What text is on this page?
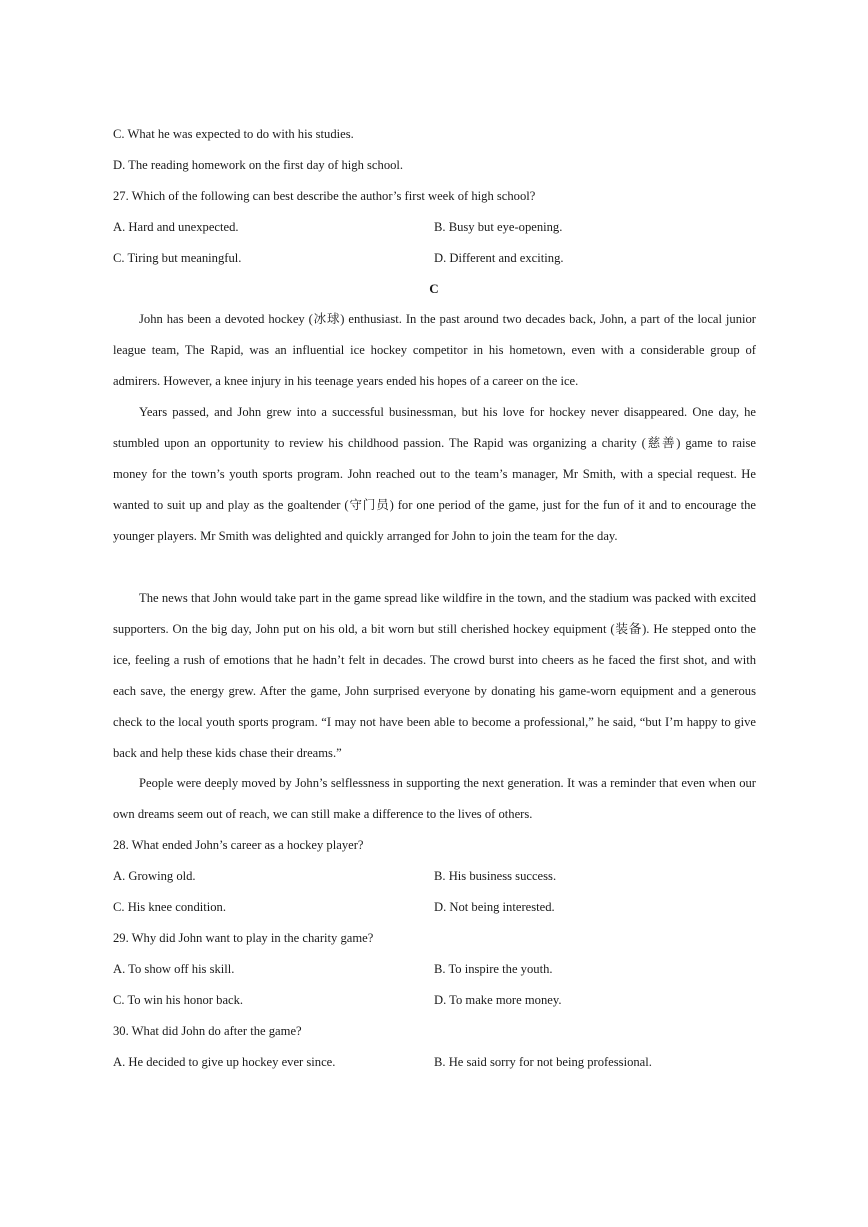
C. What he was expected to do with his studies.
D. The reading homework on the first day of high school.
27. Which of the following can best describe the author’s first week of high school?
A. Hard and unexpected.	B. Busy but eye-opening.
C. Tiring but meaningful.	D. Different and exciting.
C

John has been a devoted hockey (冰球) enthusiast. In the past around two decades back, John, a part of the local junior league team, The Rapid, was an influential ice hockey competitor in his hometown, even with a considerable group of admirers. However, a knee injury in his teenage years ended his hopes of a career on the ice.

Years passed, and John grew into a successful businessman, but his love for hockey never disappeared. One day, he stumbled upon an opportunity to review his childhood passion. The Rapid was organizing a charity (慈善) game to raise money for the town’s youth sports program. John reached out to the team’s manager, Mr Smith, with a special request. He wanted to suit up and play as the goaltender (守门员) for one period of the game, just for the fun of it and to encourage the younger players. Mr Smith was delighted and quickly arranged for John to join the team for the day.

The news that John would take part in the game spread like wildfire in the town, and the stadium was packed with excited supporters. On the big day, John put on his old, a bit worn but still cherished hockey equipment (装备). He stepped onto the ice, feeling a rush of emotions that he hadn’t felt in decades. The crowd burst into cheers as he faced the first shot, and with each save, the energy grew. After the game, John surprised everyone by donating his game-worn equipment and a generous check to the local youth sports program. “I may not have been able to become a professional,” he said, “but I’m happy to give back and help these kids chase their dreams.”

People were deeply moved by John’s selflessness in supporting the next generation. It was a reminder that even when our own dreams seem out of reach, we can still make a difference to the lives of others.

28. What ended John’s career as a hockey player?
A. Growing old.	B. His business success.
C. His knee condition.	D. Not being interested.
29. Why did John want to play in the charity game?
A. To show off his skill.	B. To inspire the youth.
C. To win his honor back.	D. To make more money.
30. What did John do after the game?
A. He decided to give up hockey ever since.	B. He said sorry for not being professional.
